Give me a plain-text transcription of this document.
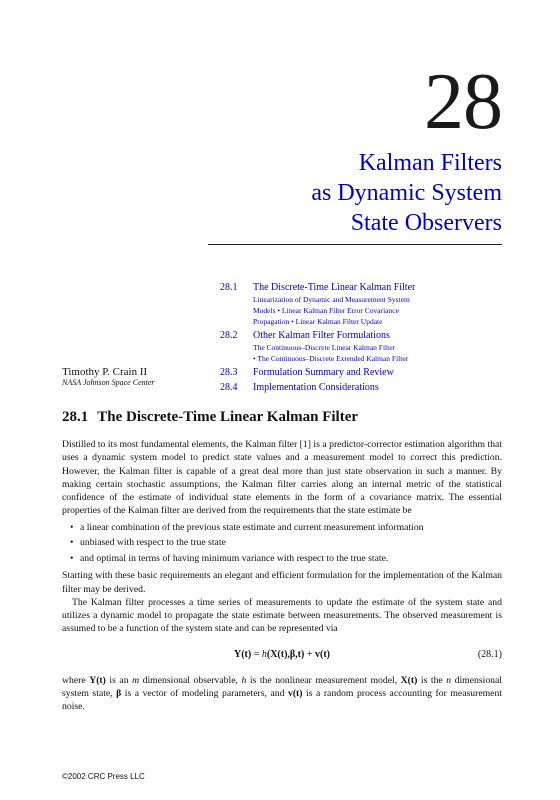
28
Kalman Filters
as Dynamic System
State Observers
28.1 The Discrete-Time Linear Kalman Filter
Linearization of Dynamic and Measurement System
Models • Linear Kalman Filter Error Covariance
Propagation • Linear Kalman Filter Update
28.2 Other Kalman Filter Formulations
The Continuous–Discrete Linear Kalman Filter
• The Continuous–Discrete Extended Kalman Filter
28.3 Formulation Summary and Review
28.4 Implementation Considerations
Timothy P. Crain II
NASA Johnson Space Center
28.1 The Discrete-Time Linear Kalman Filter

Distilled to its most fundamental elements, the Kalman filter [1] is a predictor-corrector estimation algorithm that uses a dynamic system model to predict state values and a measurement model to correct this prediction. However, the Kalman filter is capable of a great deal more than just state observation in such a manner. By making certain stochastic assumptions, the Kalman filter carries along an internal metric of the statistical confidence of the estimate of individual state elements in the form of a covariance matrix. The essential properties of the Kalman filter are derived from the requirements that the state estimate be

• a linear combination of the previous state estimate and current measurement information
• unbiased with respect to the true state
• and optimal in terms of having minimum variance with respect to the true state.

Starting with these basic requirements an elegant and efficient formulation for the implementation of the Kalman filter may be derived.

The Kalman filter processes a time series of measurements to update the estimate of the system state and utilizes a dynamic model to propagate the state estimate between measurements. The observed measurement is assumed to be a function of the system state and can be represented via

Y(t) = h(X(t),β,t) + v(t)	(28.1)

where Y(t) is an m dimensional observable, h is the nonlinear measurement model, X(t) is the n dimensional system state, β is a vector of modeling parameters, and v(t) is a random process accounting for measurement noise.

©2002 CRC Press LLC
